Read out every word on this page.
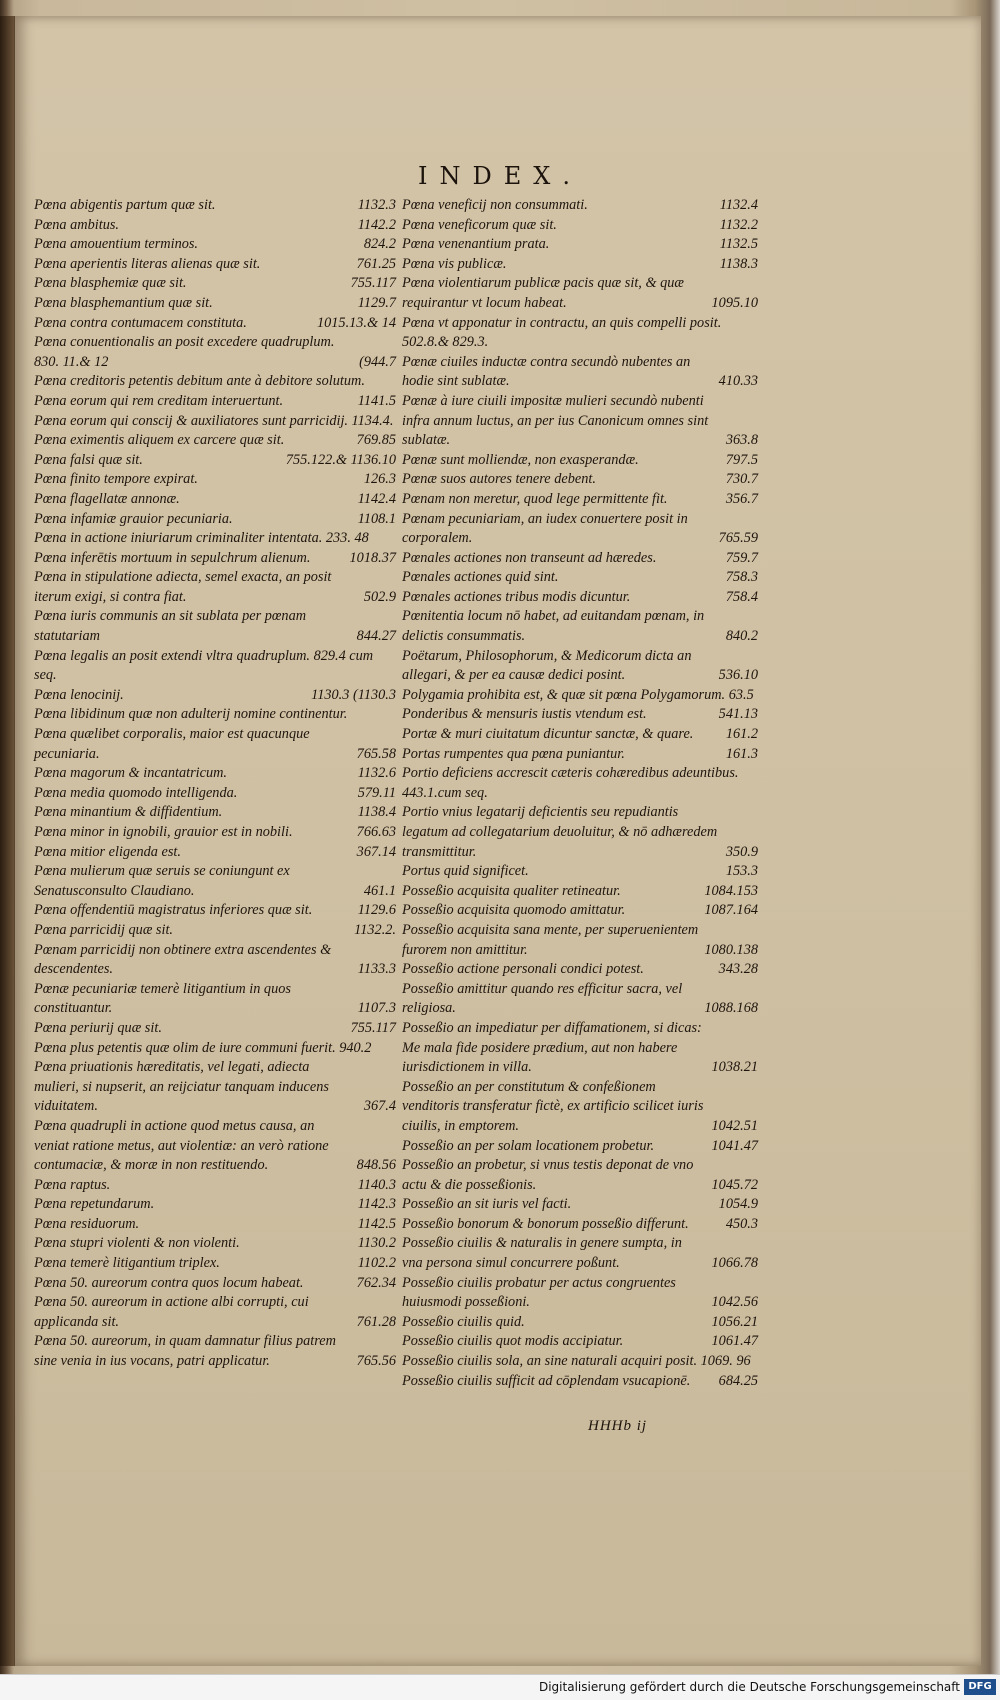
INDEX.
Pœna abigentis partum quæ sit.	1132.3
Pœna ambitus.	1142.2
Pœna amouentium terminos.	824.2
Pœna aperientis literas alienas quæ sit.	761.25
Pœna blasphemiæ quæ sit.	755.117
Pœna blasphemantium quæ sit.	1129.7
Pœna contra contumacem constituta.	1015.13.& 14
Pœna conuentionalis an posit excedere quadruplum. 830. 11.& 12	(944.7
Pœna creditoris petentis debitum ante à debitore solutum.
Pœna eorum qui rem creditam interuertunt.	1141.5
Pœna eorum qui conscij & auxiliatores sunt parricidij. 1134.4.
Pœna eximentis aliquem ex carcere quæ sit.	769.85
Pœna falsi quæ sit.	755.122.& 1136.10
Pœna finito tempore expirat.	126.3
Pœna flagellatæ annonæ.	1142.4
Pœna infamiæ grauior pecuniaria.	1108.1
Pœna in actione iniuriarum criminaliter intentata. 233. 48
Pœna inferētis mortuum in sepulchrum alienum.	1018.37
Pœna in stipulatione adiecta, semel exacta, an posit iterum exigi, si contra fiat.	502.9
Pœna iuris communis an sit sublata per pœnam statutariam	844.27
Pœna legalis an posit extendi vltra quadruplum. 829.4 cum seq.
Pœna lenocinij.	1130.3 (1130.3
Pœna libidinum quæ non adulterij nomine continentur.
Pœna quælibet corporalis, maior est quacunque pecuniaria.	765.58
Pœna magorum & incantatricum.	1132.6
Pœna media quomodo intelligenda.	579.11
Pœna minantium & diffidentium.	1138.4
Pœna minor in ignobili, grauior est in nobili.	766.63
Pœna mitior eligenda est.	367.14
Pœna mulierum quæ seruis se coniungunt ex Senatusconsulto Claudiano.	461.1
Pœna offendentiū magistratus inferiores quæ sit.	1129.6
Pœna parricidij quæ sit.	1132.2.
Pœnam parricidij non obtinere extra ascendentes & descendentes.	1133.3
Pœnæ pecuniariæ temerè litigantium in quos constituantur.	1107.3
Pœna periurij quæ sit.	755.117
Pœna plus petentis quæ olim de iure communi fuerit. 940.2
Pœna priuationis hæreditatis, vel legati, adiecta mulieri, si nupserit, an reijciatur tanquam inducens viduitatem.	367.4
Pœna quadrupli in actione quod metus causa, an veniat ratione metus, aut violentiæ: an verò ratione contumaciæ, & moræ in non restituendo.	848.56
Pœna raptus.	1140.3
Pœna repetundarum.	1142.3
Pœna residuorum.	1142.5
Pœna stupri violenti & non violenti.	1130.2
Pœna temerè litigantium triplex.	1102.2
Pœna 50. aureorum contra quos locum habeat.	762.34
Pœna 50. aureorum in actione albi corrupti, cui applicanda sit.	761.28
Pœna 50. aureorum, in quam damnatur filius patrem sine venia in ius vocans, patri applicatur.	765.56
Pœna veneficij non consummati.	1132.4
Pœna veneficorum quæ sit.	1132.2
Pœna venenantium prata.	1132.5
Pœna vis publicæ.	1138.3
Pœna violentiarum publicæ pacis quæ sit, & quæ requirantur vt locum habeat.	1095.10
Pœna vt apponatur in contractu, an quis compelli posit. 502.8.& 829.3.
Pœnæ ciuiles inductæ contra secundò nubentes an hodie sint sublatæ.	410.33
Pœnæ à iure ciuili impositæ mulieri secundò nubenti infra annum luctus, an per ius Canonicum omnes sint sublatæ.	363.8
Pœnæ sunt molliendæ, non exasperandæ.	797.5
Pœnæ suos autores tenere debent.	730.7
Pœnam non meretur, quod lege permittente fit.	356.7
Pœnam pecuniariam, an iudex conuertere posit in corporalem.	765.59
Pœnales actiones non transeunt ad hæredes.	759.7
Pœnales actiones quid sint.	758.3
Pœnales actiones tribus modis dicuntur.	758.4
Pœnitentia locum nō habet, ad euitandam pœnam, in delictis consummatis.	840.2
Poëtarum, Philosophorum, & Medicorum dicta an allegari, & per ea causæ dedici posint.	536.10
Polygamia prohibita est, & quæ sit pœna Polygamorum. 63.5
Ponderibus & mensuris iustis vtendum est.	541.13
Portæ & muri ciuitatum dicuntur sanctæ, & quare.	161.2
Portas rumpentes qua pœna puniantur.	161.3
Portio deficiens accrescit cæteris cohæredibus adeuntibus. 443.1.cum seq.
Portio vnius legatarij deficientis seu repudiantis legatum ad collegatarium deuoluitur, & nō adhæredem transmittitur.	350.9
Portus quid significet.	153.3
Posseßio acquisita qualiter retineatur.	1084.153
Posseßio acquisita quomodo amittatur.	1087.164
Posseßio acquisita sana mente, per superuenientem furorem non amittitur.	1080.138
Posseßio actione personali condici potest.	343.28
Posseßio amittitur quando res efficitur sacra, vel religiosa.	1088.168
Posseßio an impediatur per diffamationem, si dicas: Me mala fide posidere prædium, aut non habere iurisdictionem in villa.	1038.21
Posseßio an per constitutum & confeßionem venditoris transferatur fictè, ex artificio scilicet iuris ciuilis, in emptorem.	1042.51
Posseßio an per solam locationem probetur.	1041.47
Posseßio an probetur, si vnus testis deponat de vno actu & die posseßionis.	1045.72
Posseßio an sit iuris vel facti.	1054.9
Posseßio bonorum & bonorum posseßio differunt.	450.3
Posseßio ciuilis & naturalis in genere sumpta, in vna persona simul concurrere poßunt.	1066.78
Posseßio ciuilis probatur per actus congruentes huiusmodi posseßioni.	1042.56
Posseßio ciuilis quid.	1056.21
Posseßio ciuilis quot modis accipiatur.	1061.47
Posseßio ciuilis sola, an sine naturali acquiri posit. 1069. 96
Posseßio ciuilis sufficit ad cōplendam vsucapionē.	684.25
HHHb ij
Digitalisierung gefördert durch die Deutsche Forschungsgemeinschaft DFG
